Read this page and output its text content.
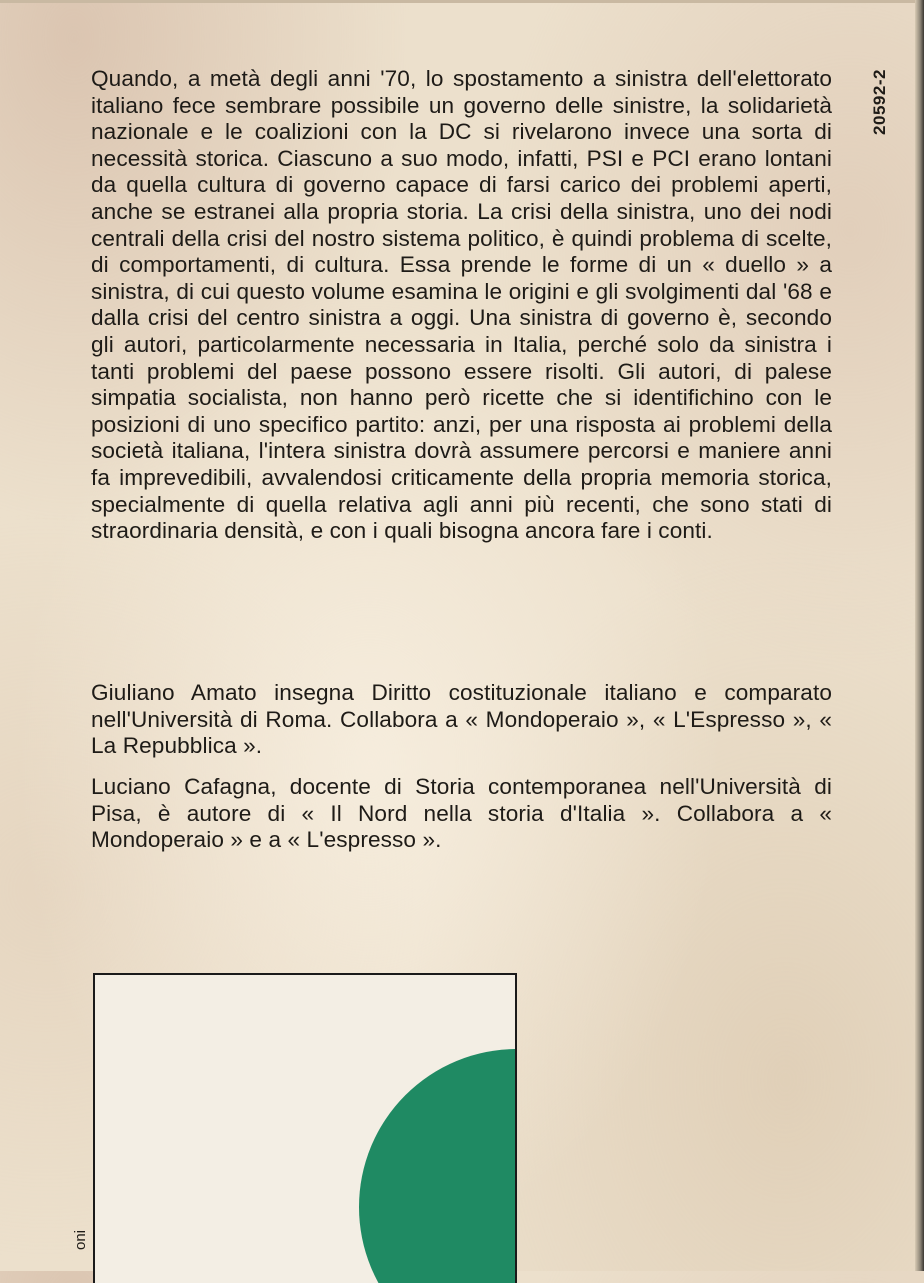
Quando, a metà degli anni '70, lo spostamento a sinistra dell'elettorato italiano fece sembrare possibile un governo delle sinistre, la solidarietà nazionale e le coalizioni con la DC si rivelarono invece una sorta di necessità storica. Ciascuno a suo modo, infatti, PSI e PCI erano lontani da quella cultura di governo capace di farsi carico dei problemi aperti, anche se estranei alla propria storia. La crisi della sinistra, uno dei nodi centrali della crisi del nostro sistema politico, è quindi problema di scelte, di comportamenti, di cultura. Essa prende le forme di un « duello » a sinistra, di cui questo volume esamina le origini e gli svolgimenti dal '68 e dalla crisi del centro sinistra a oggi. Una sinistra di governo è, secondo gli autori, particolarmente necessaria in Italia, perché solo da sinistra i tanti problemi del paese possono essere risolti. Gli autori, di palese simpatia socialista, non hanno però ricette che si identifichino con le posizioni di uno specifico partito: anzi, per una risposta ai problemi della società italiana, l'intera sinistra dovrà assumere percorsi e maniere anni fa imprevedibili, avvalendosi criticamente della propria memoria storica, specialmente di quella relativa agli anni più recenti, che sono stati di straordinaria densità, e con i quali bisogna ancora fare i conti.

Giuliano Amato insegna Diritto costituzionale italiano e comparato nell'Università di Roma. Collabora a « Mondoperaio », « L'Espresso », « La Repubblica ».

Luciano Cafagna, docente di Storia contemporanea nell'Università di Pisa, è autore di « Il Nord nella storia d'Italia ». Collabora a « Mondoperaio » e a « L'espresso ».

20592-2
oni
